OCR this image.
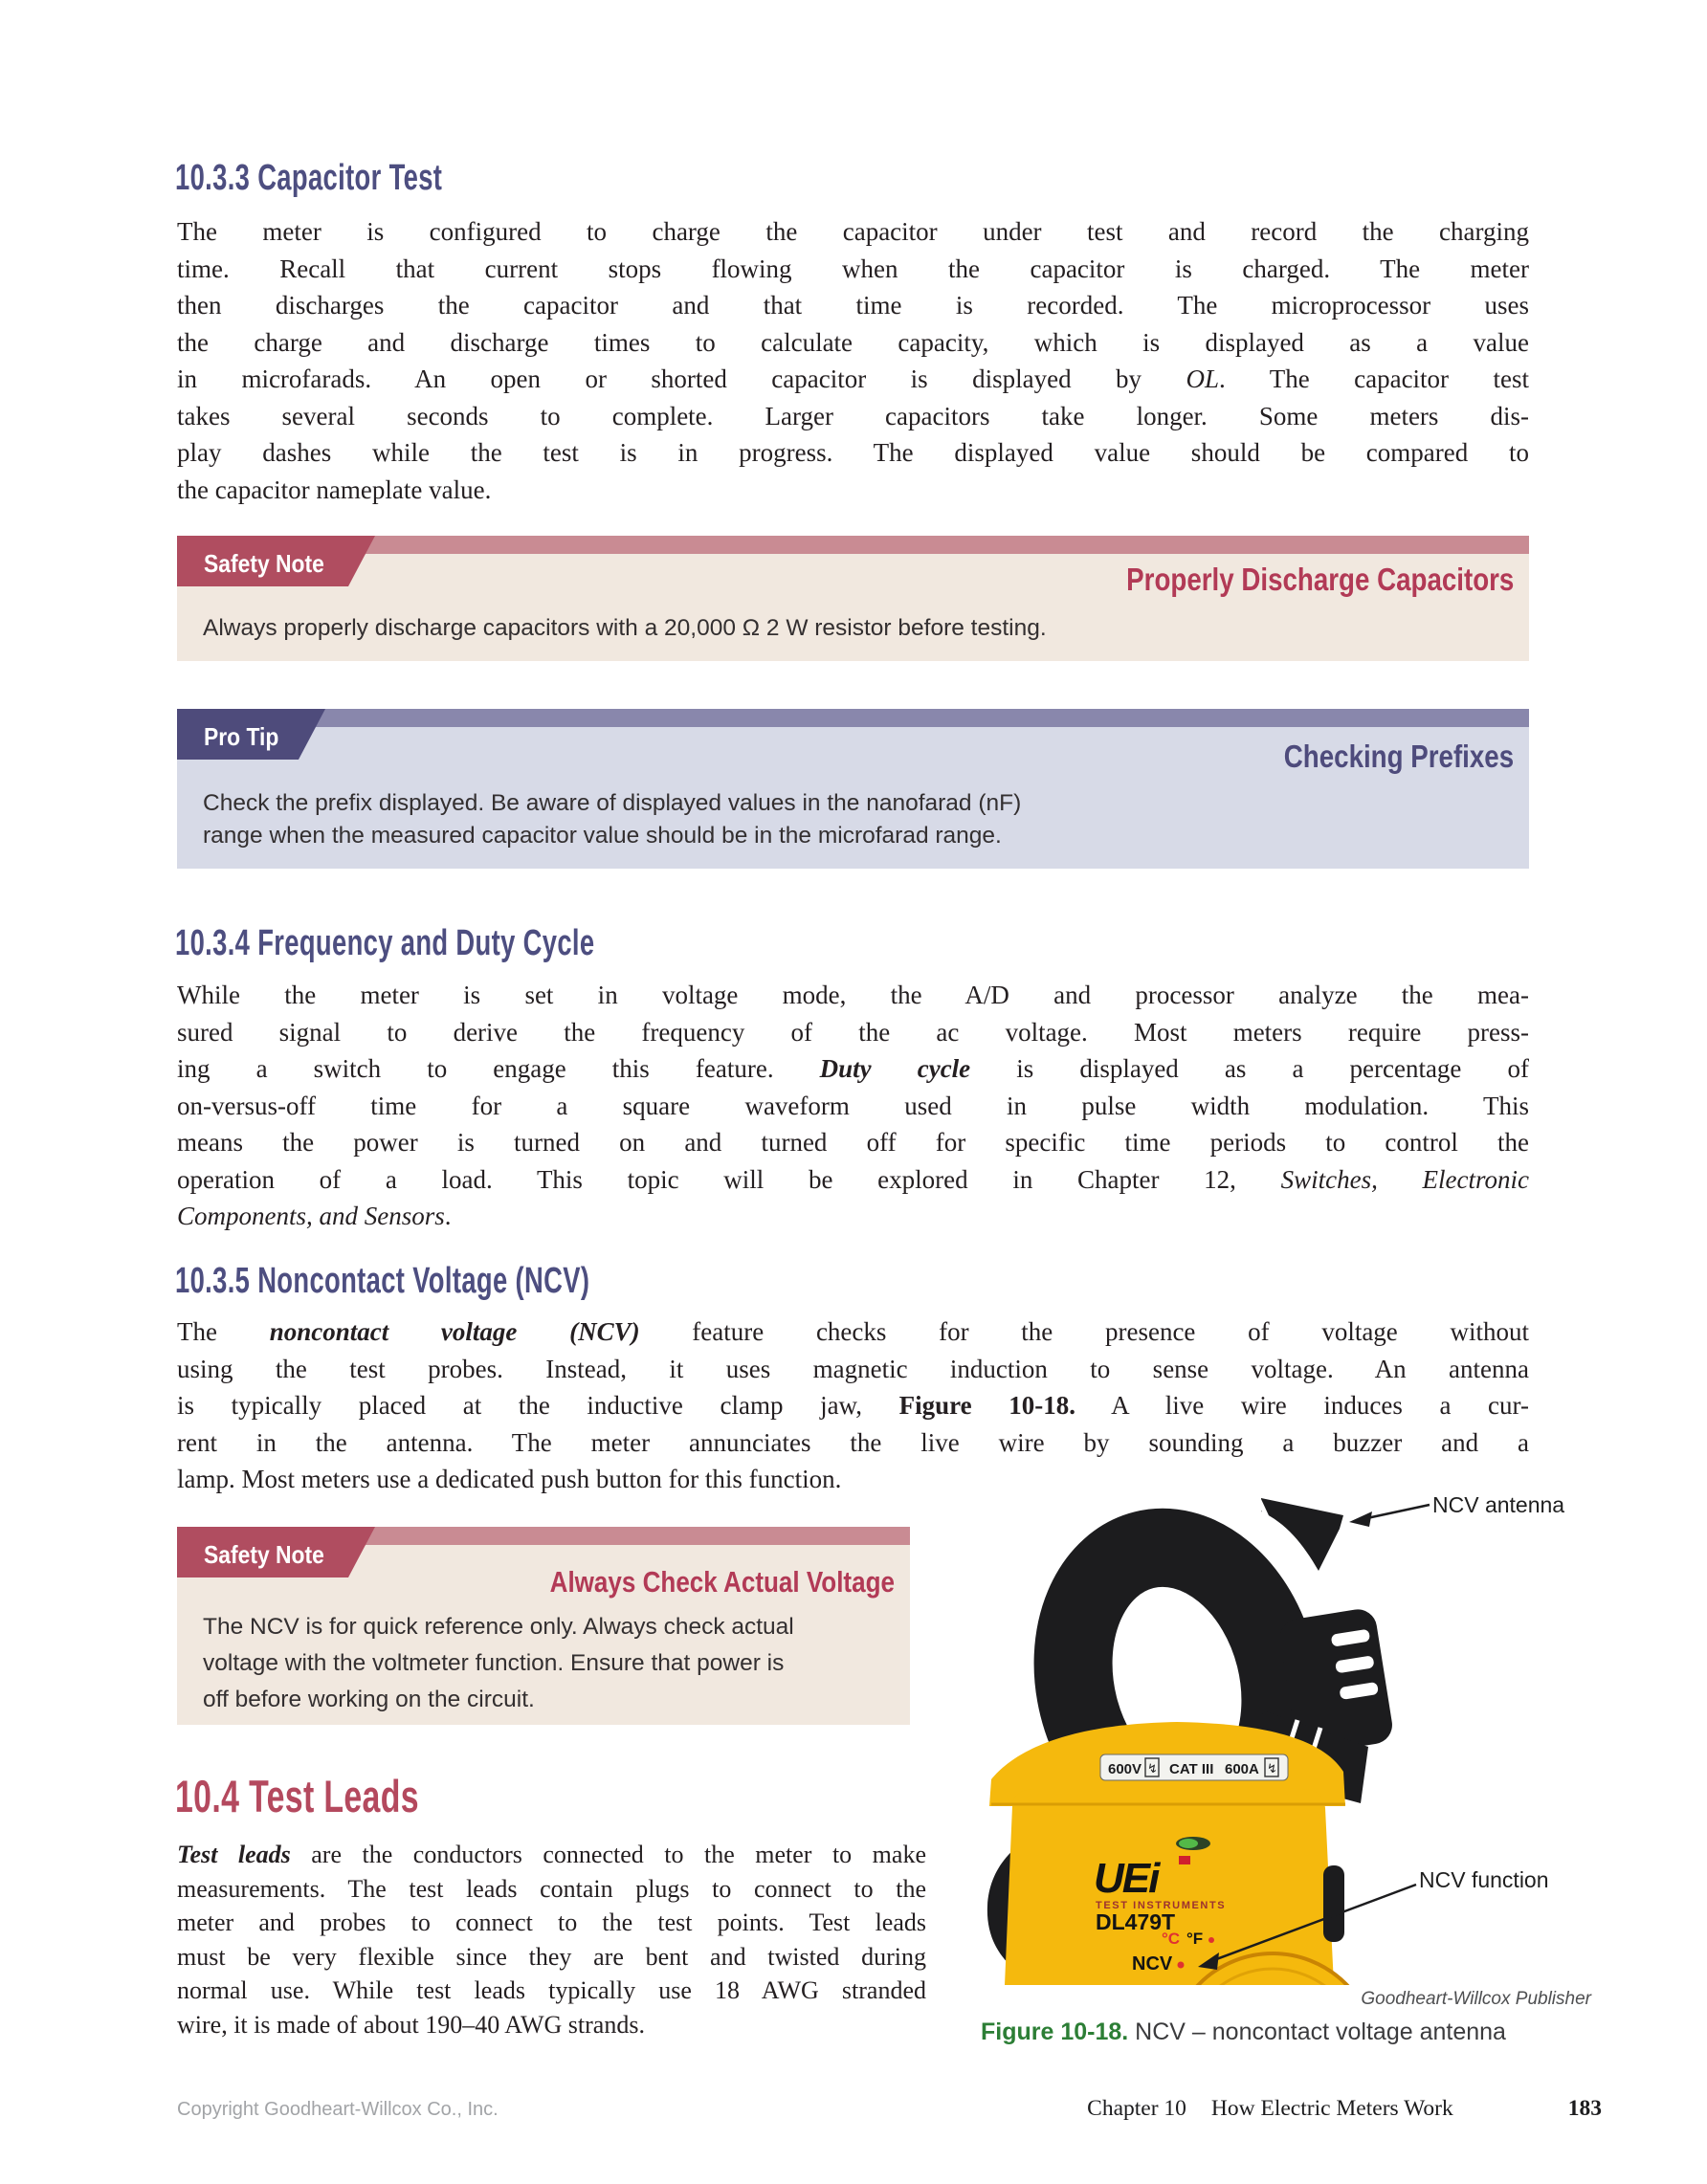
10.3.3 Capacitor Test
The meter is configured to charge the capacitor under test and record the charging
time. Recall that current stops flowing when the capacitor is charged. The meter
then discharges the capacitor and that time is recorded. The microprocessor uses
the charge and discharge times to calculate capacity, which is displayed as a value
in microfarads. An open or shorted capacitor is displayed by OL. The capacitor test
takes several seconds to complete. Larger capacitors take longer. Some meters dis-
play dashes while the test is in progress. The displayed value should be compared to
the capacitor nameplate value.
Safety Note	Properly Discharge Capacitors
Always properly discharge capacitors with a 20,000 Ω 2 W resistor before testing.
Pro Tip
Checking Prefixes
Check the prefix displayed. Be aware of displayed values in the nanofarad (nF)
range when the measured capacitor value should be in the microfarad range.
10.3.4 Frequency and Duty Cycle
While the meter is set in voltage mode, the A/D and processor analyze the mea-
sured signal to derive the frequency of the ac voltage. Most meters require press-
ing a switch to engage this feature. Duty cycle is displayed as a percentage of
on-versus-off time for a square waveform used in pulse width modulation. This
means the power is turned on and turned off for specific time periods to control the
operation of a load. This topic will be explored in Chapter 12, Switches, Electronic
Components, and Sensors.
10.3.5 Noncontact Voltage (NCV)
The noncontact voltage (NCV) feature checks for the presence of voltage without
using the test probes. Instead, it uses magnetic induction to sense voltage. An antenna
is typically placed at the inductive clamp jaw, Figure 10-18. A live wire induces a cur-
rent in the antenna. The meter annunciates the live wire by sounding a buzzer and a
lamp. Most meters use a dedicated push button for this function.
Safety Note
Always Check Actual Voltage
The NCV is for quick reference only. Always check actual
voltage with the voltmeter function. Ensure that power is
off before working on the circuit.
10.4 Test Leads
Test leads are the conductors connected to the meter to make
measurements. The test leads contain plugs to connect to the
meter and probes to connect to the test points. Test leads
must be very flexible since they are bent and twisted during
normal use. While test leads typically use 18 AWG stranded
wire, it is made of about 190–40 AWG strands.
600V ↯ CAT III 600A ↯
UEi
TEST INSTRUMENTS
DL479T
°C °F
NCV
NCV antenna
NCV function
Goodheart-Willcox Publisher
Figure 10-18. NCV – noncontact voltage antenna
Copyright Goodheart-Willcox Co., Inc.	Chapter 10 How Electric Meters Work	183
